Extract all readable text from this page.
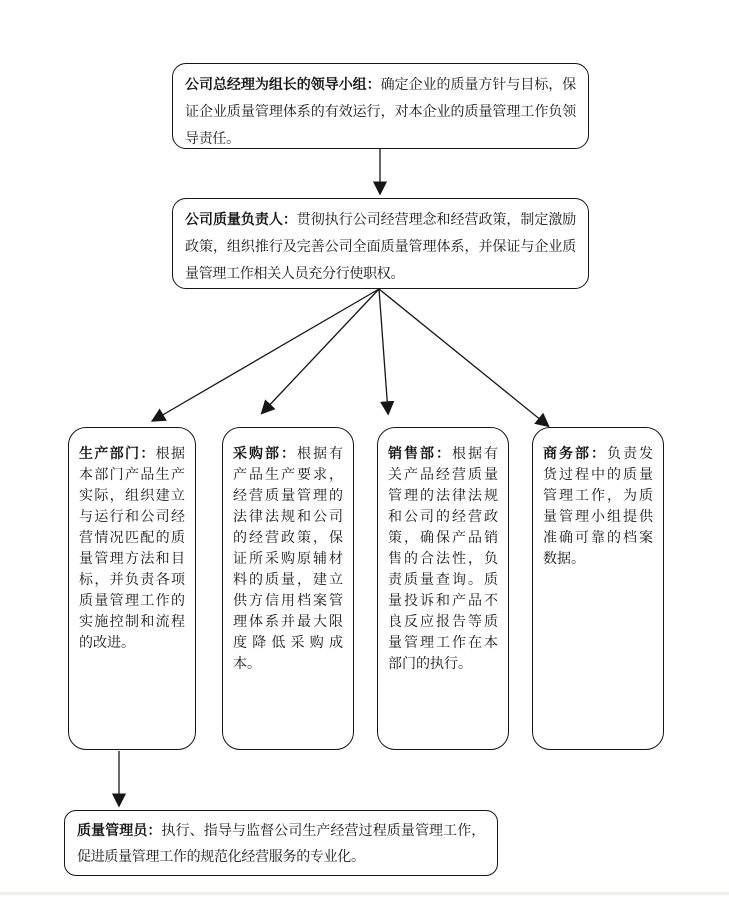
公司总经理为组长的领导小组：确定企业的质量方针与目标，保证企业质量管理体系的有效运行，对本企业的质量管理工作负领导责任。

公司质量负责人：贯彻执行公司经营理念和经营政策，制定激励政策，组织推行及完善公司全面质量管理体系，并保证与企业质量管理工作相关人员充分行使职权。

生产部门：根据本部门产品生产实际，组织建立与运行和公司经营情况匹配的质量管理方法和目标，并负责各项质量管理工作的实施控制和流程的改进。

采购部：根据有产品生产要求，经营质量管理的法律法规和公司的经营政策，保证所采购原辅材料的质量，建立供方信用档案管理体系并最大限度降低采购成本。

销售部：根据有关产品经营质量管理的法律法规和公司的经营政策，确保产品销售的合法性，负责质量查询。质量投诉和产品不良反应报告等质量管理工作在本部门的执行。

商务部：负责发货过程中的质量管理工作，为质量管理小组提供准确可靠的档案数据。

质量管理员：执行、指导与监督公司生产经营过程质量管理工作，促进质量管理工作的规范化经营服务的专业化。
